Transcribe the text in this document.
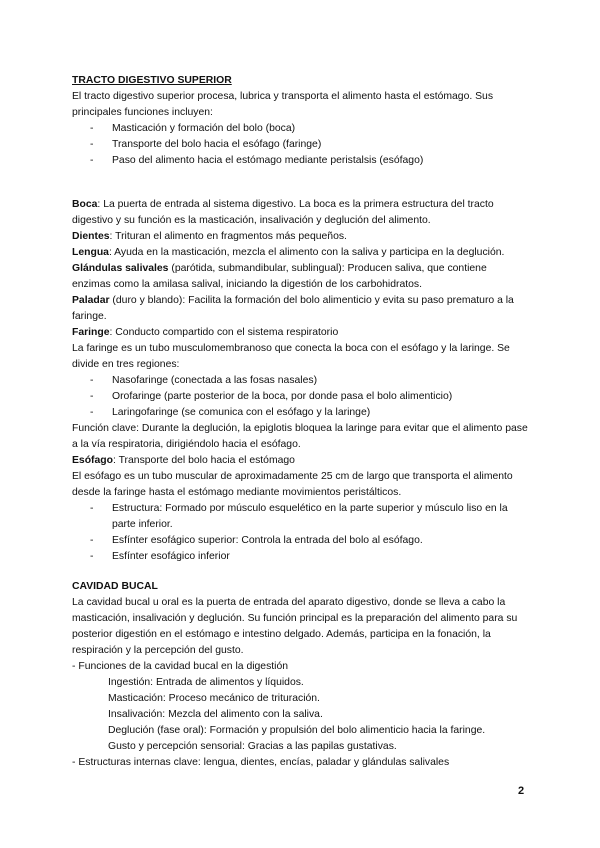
TRACTO DIGESTIVO SUPERIOR

El tracto digestivo superior procesa, lubrica y transporta el alimento hasta el estómago. Sus principales funciones incluyen:

- Masticación y formación del bolo (boca)
- Transporte del bolo hacia el esófago (faringe)
- Paso del alimento hacia el estómago mediante peristalsis (esófago)

Boca: La puerta de entrada al sistema digestivo. La boca es la primera estructura del tracto digestivo y su función es la masticación, insalivación y deglución del alimento.

Dientes: Trituran el alimento en fragmentos más pequeños.

Lengua: Ayuda en la masticación, mezcla el alimento con la saliva y participa en la deglución.

Glándulas salivales (parótida, submandibular, sublingual): Producen saliva, que contiene enzimas como la amilasa salival, iniciando la digestión de los carbohidratos.

Paladar (duro y blando): Facilita la formación del bolo alimenticio y evita su paso prematuro a la faringe.

Faringe: Conducto compartido con el sistema respiratorio

La faringe es un tubo musculomembranoso que conecta la boca con el esófago y la laringe. Se divide en tres regiones:

- Nasofaringe (conectada a las fosas nasales)
- Orofaringe (parte posterior de la boca, por donde pasa el bolo alimenticio)
- Laringofaringe (se comunica con el esófago y la laringe)

Función clave: Durante la deglución, la epiglotis bloquea la laringe para evitar que el alimento pase a la vía respiratoria, dirigiéndolo hacia el esófago.

Esófago: Transporte del bolo hacia el estómago

El esófago es un tubo muscular de aproximadamente 25 cm de largo que transporta el alimento desde la faringe hasta el estómago mediante movimientos peristálticos.

- Estructura: Formado por músculo esquelético en la parte superior y músculo liso en la parte inferior.
- Esfínter esofágico superior: Controla la entrada del bolo al esófago.
- Esfínter esofágico inferior

CAVIDAD BUCAL

La cavidad bucal u oral es la puerta de entrada del aparato digestivo, donde se lleva a cabo la masticación, insalivación y deglución. Su función principal es la preparación del alimento para su posterior digestión en el estómago e intestino delgado. Además, participa en la fonación, la respiración y la percepción del gusto.

- Funciones de la cavidad bucal en la digestión

Ingestión: Entrada de alimentos y líquidos.

Masticación: Proceso mecánico de trituración.

Insalivación: Mezcla del alimento con la saliva.

Deglución (fase oral): Formación y propulsión del bolo alimenticio hacia la faringe.

Gusto y percepción sensorial: Gracias a las papilas gustativas.

- Estructuras internas clave: lengua, dientes, encías, paladar y glándulas salivales

2
